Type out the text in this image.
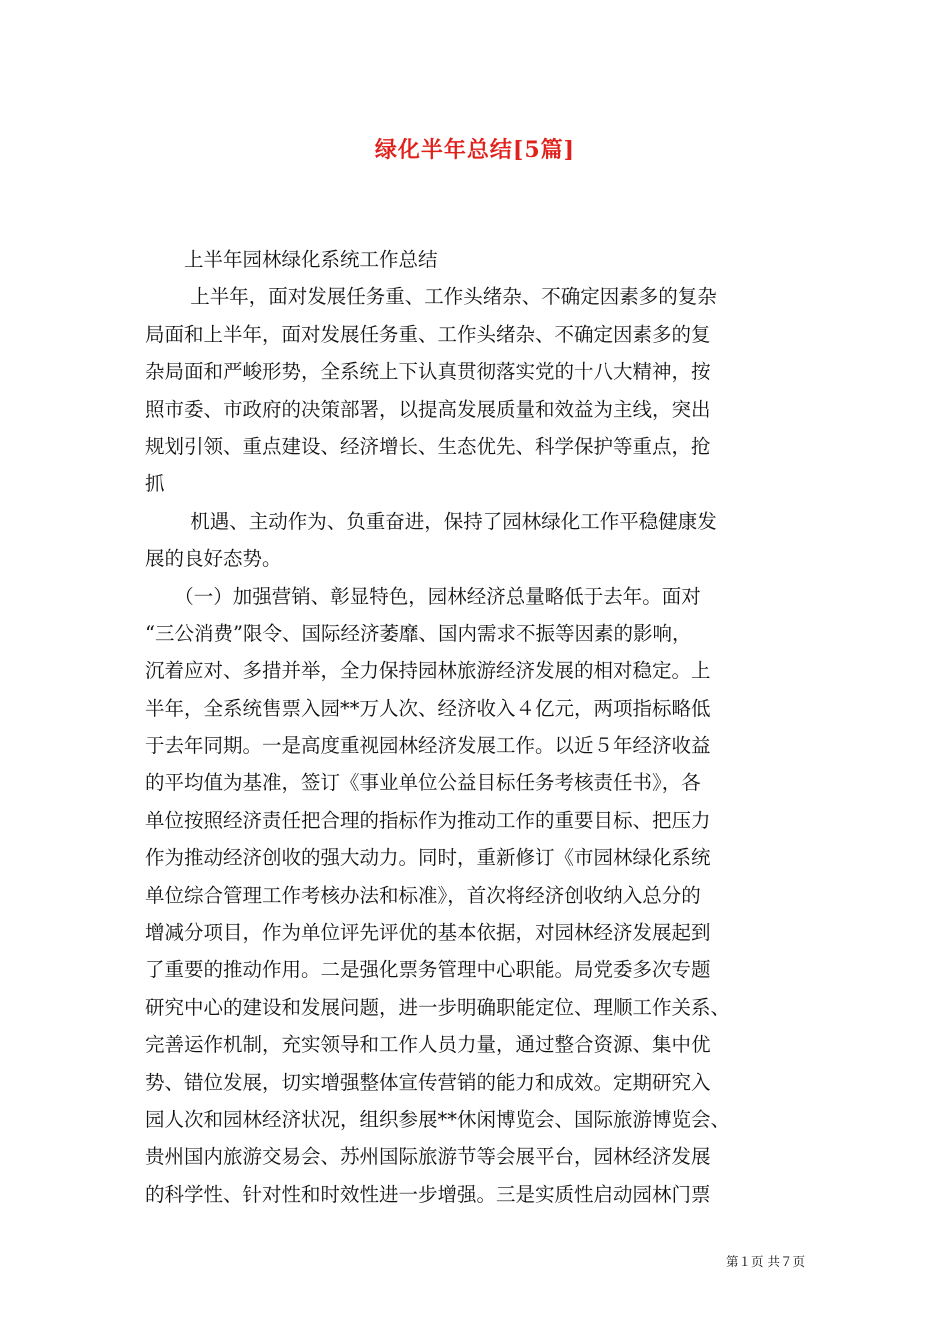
绿化半年总结[5篇]
　　上半年园林绿化系统工作总结
　　 上半年，面对发展任务重、工作头绪杂、不确定因素多的复杂
局面和上半年，面对发展任务重、工作头绪杂、不确定因素多的复
杂局面和严峻形势，全系统上下认真贯彻落实党的十八大精神，按
照市委、市政府的决策部署，以提高发展质量和效益为主线，突出
规划引领、重点建设、经济增长、生态优先、科学保护等重点，抢
抓
　　 机遇、主动作为、负重奋进，保持了园林绿化工作平稳健康发
展的良好态势。
　　（一）加强营销、彰显特色，园林经济总量略低于去年。面对
“三公消费”限令、国际经济萎靡、国内需求不振等因素的影响，
沉着应对、多措并举，全力保持园林旅游经济发展的相对稳定。上
半年，全系统售票入园**万人次、经济收入４亿元，两项指标略低
于去年同期。一是高度重视园林经济发展工作。以近５年经济收益
的平均值为基准，签订《事业单位公益目标任务考核责任书》，各
单位按照经济责任把合理的指标作为推动工作的重要目标、把压力
作为推动经济创收的强大动力。同时，重新修订《市园林绿化系统
单位综合管理工作考核办法和标准》，首次将经济创收纳入总分的
增减分项目，作为单位评先评优的基本依据，对园林经济发展起到
了重要的推动作用。二是强化票务管理中心职能。局党委多次专题
研究中心的建设和发展问题，进一步明确职能定位、理顺工作关系、
完善运作机制，充实领导和工作人员力量，通过整合资源、集中优
势、错位发展，切实增强整体宣传营销的能力和成效。定期研究入
园人次和园林经济状况，组织参展**休闲博览会、国际旅游博览会、
贵州国内旅游交易会、苏州国际旅游节等会展平台，园林经济发展
的科学性、针对性和时效性进一步增强。三是实质性启动园林门票
第１页 共７页
